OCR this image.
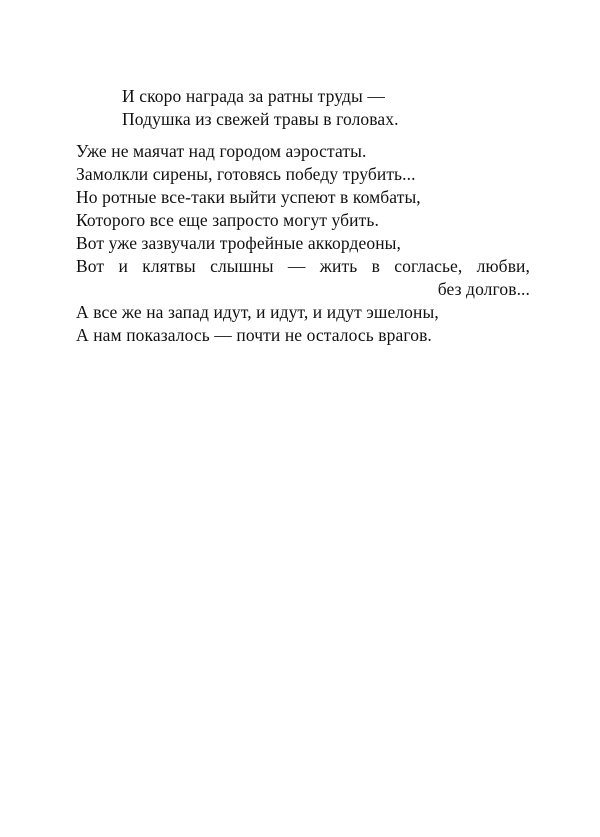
И скоро награда за ратны труды —
Подушка из свежей травы в головах.
Уже не маячат над городом аэростаты.
Замолкли сирены, готовясь победу трубить...
Но ротные все-таки выйти успеют в комбаты,
Которого все еще запросто могут убить.
Вот уже зазвучали трофейные аккордеоны,
Вот и клятвы слышны — жить в согласье, любви,
без долгов...
А все же на запад идут, и идут, и идут эшелоны,
А нам показалось — почти не осталось врагов.
